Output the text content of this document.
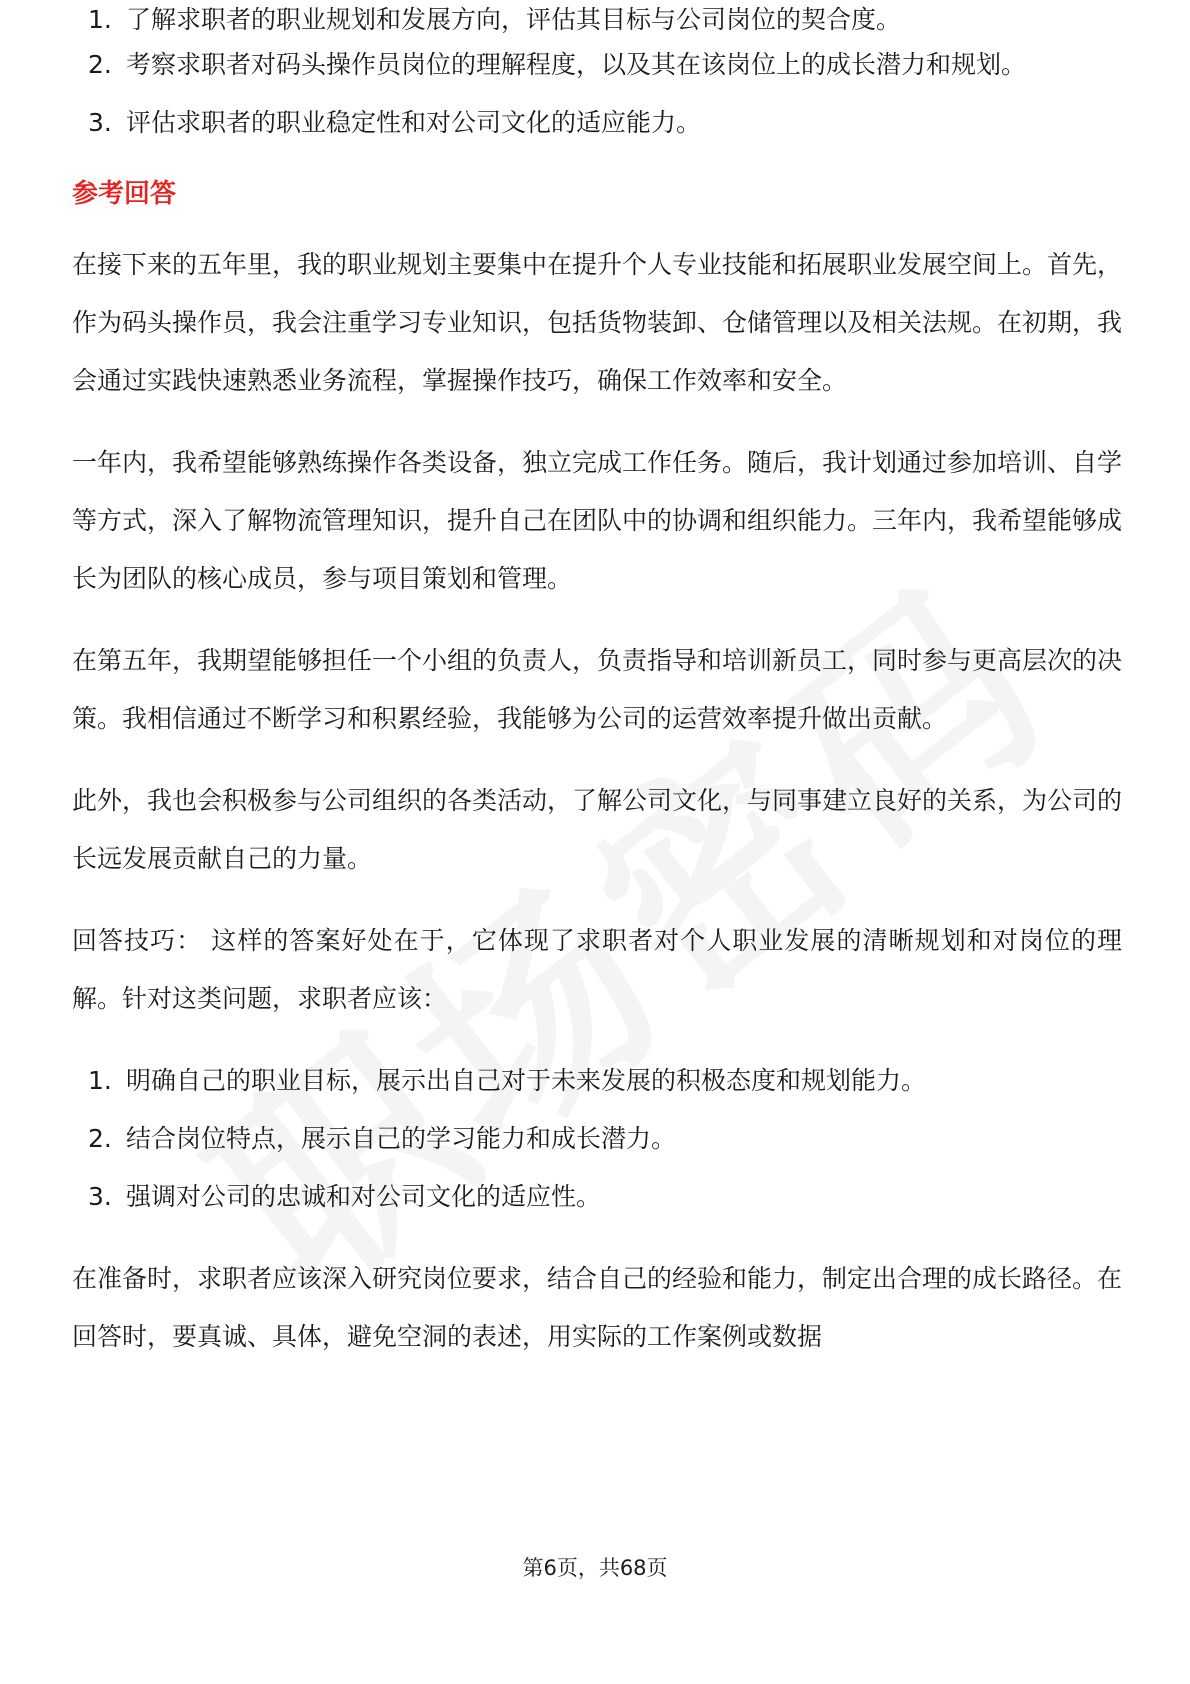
1. 了解求职者的职业规划和发展方向，评估其目标与公司岗位的契合度。
2. 考察求职者对码头操作员岗位的理解程度，以及其在该岗位上的成长潜力和规划。
3. 评估求职者的职业稳定性和对公司文化的适应能力。
参考回答

在接下来的五年里，我的职业规划主要集中在提升个人专业技能和拓展职业发展空间上。首先，作为码头操作员，我会注重学习专业知识，包括货物装卸、仓储管理以及相关法规。在初期，我会通过实践快速熟悉业务流程，掌握操作技巧，确保工作效率和安全。

一年内，我希望能够熟练操作各类设备，独立完成工作任务。随后，我计划通过参加培训、自学等方式，深入了解物流管理知识，提升自己在团队中的协调和组织能力。三年内，我希望能够成长为团队的核心成员，参与项目策划和管理。

在第五年，我期望能够担任一个小组的负责人，负责指导和培训新员工，同时参与更高层次的决策。我相信通过不断学习和积累经验，我能够为公司的运营效率提升做出贡献。

此外，我也会积极参与公司组织的各类活动，了解公司文化，与同事建立良好的关系，为公司的长远发展贡献自己的力量。

回答技巧： 这样的答案好处在于，它体现了求职者对个人职业发展的清晰规划和对岗位的理解。针对这类问题，求职者应该：

1. 明确自己的职业目标，展示出自己对于未来发展的积极态度和规划能力。
2. 结合岗位特点，展示自己的学习能力和成长潜力。
3. 强调对公司的忠诚和对公司文化的适应性。

在准备时，求职者应该深入研究岗位要求，结合自己的经验和能力，制定出合理的成长路径。在回答时，要真诚、具体，避免空洞的表述，用实际的工作案例或数据

第6页，共68页
